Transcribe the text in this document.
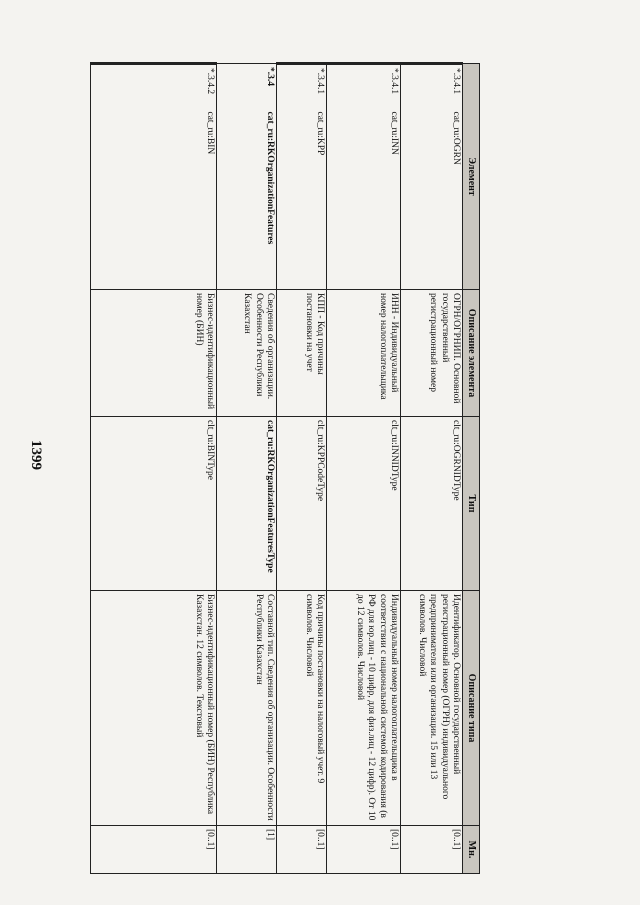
1399
Элемент		Описание элемента	Тип	Описание типа	Мн.
*.3.4.1	cat_ru:OGRN	ОГРН/ОГРНИП. Основной государственный регистрационный номер	clt_ru:OGRNIDType	Идентификатор. Основной государственный регистрационный номер (ОГРН) индивидуального предпринимателя или организации. 15 или 13 символов. Числовой	[0..1]
*.3.4.1	cat_ru:INN	ИНН - Индивидуальный номер налогоплательщика	clt_ru:INNIDType	Индивидуальный номер налогоплательщика в соответствии с национальной системой кодирования (в РФ для юр.лиц - 10 цифр, для физ.лиц - 12 цифр). От 10 до 12 символов. Числовой	[0..1]
*.3.4.1	cat_ru:KPP	КПП - Код причины постановки на учет	clt_ru:KPPCodeType	Код причины постановки на налоговый учет. 9 символов. Числовой	[0..1]
*.3.4	cat_ru:RKOrganizationFeatures	Сведения об организации. Особенности Республики Казахстан	cat_ru:RKOrganizationFeaturesType	Составной тип. Сведения об организации. Особенности Республики Казахстан	[1]
*.3.4.2	cat_ru:BIN	Бизнес-идентификационный номер (БИН)	clt_ru:BINType	Бизнес-идентификационный номер (БИН) Республика Казахстан. 12 символов. Текстовый	[0..1]
